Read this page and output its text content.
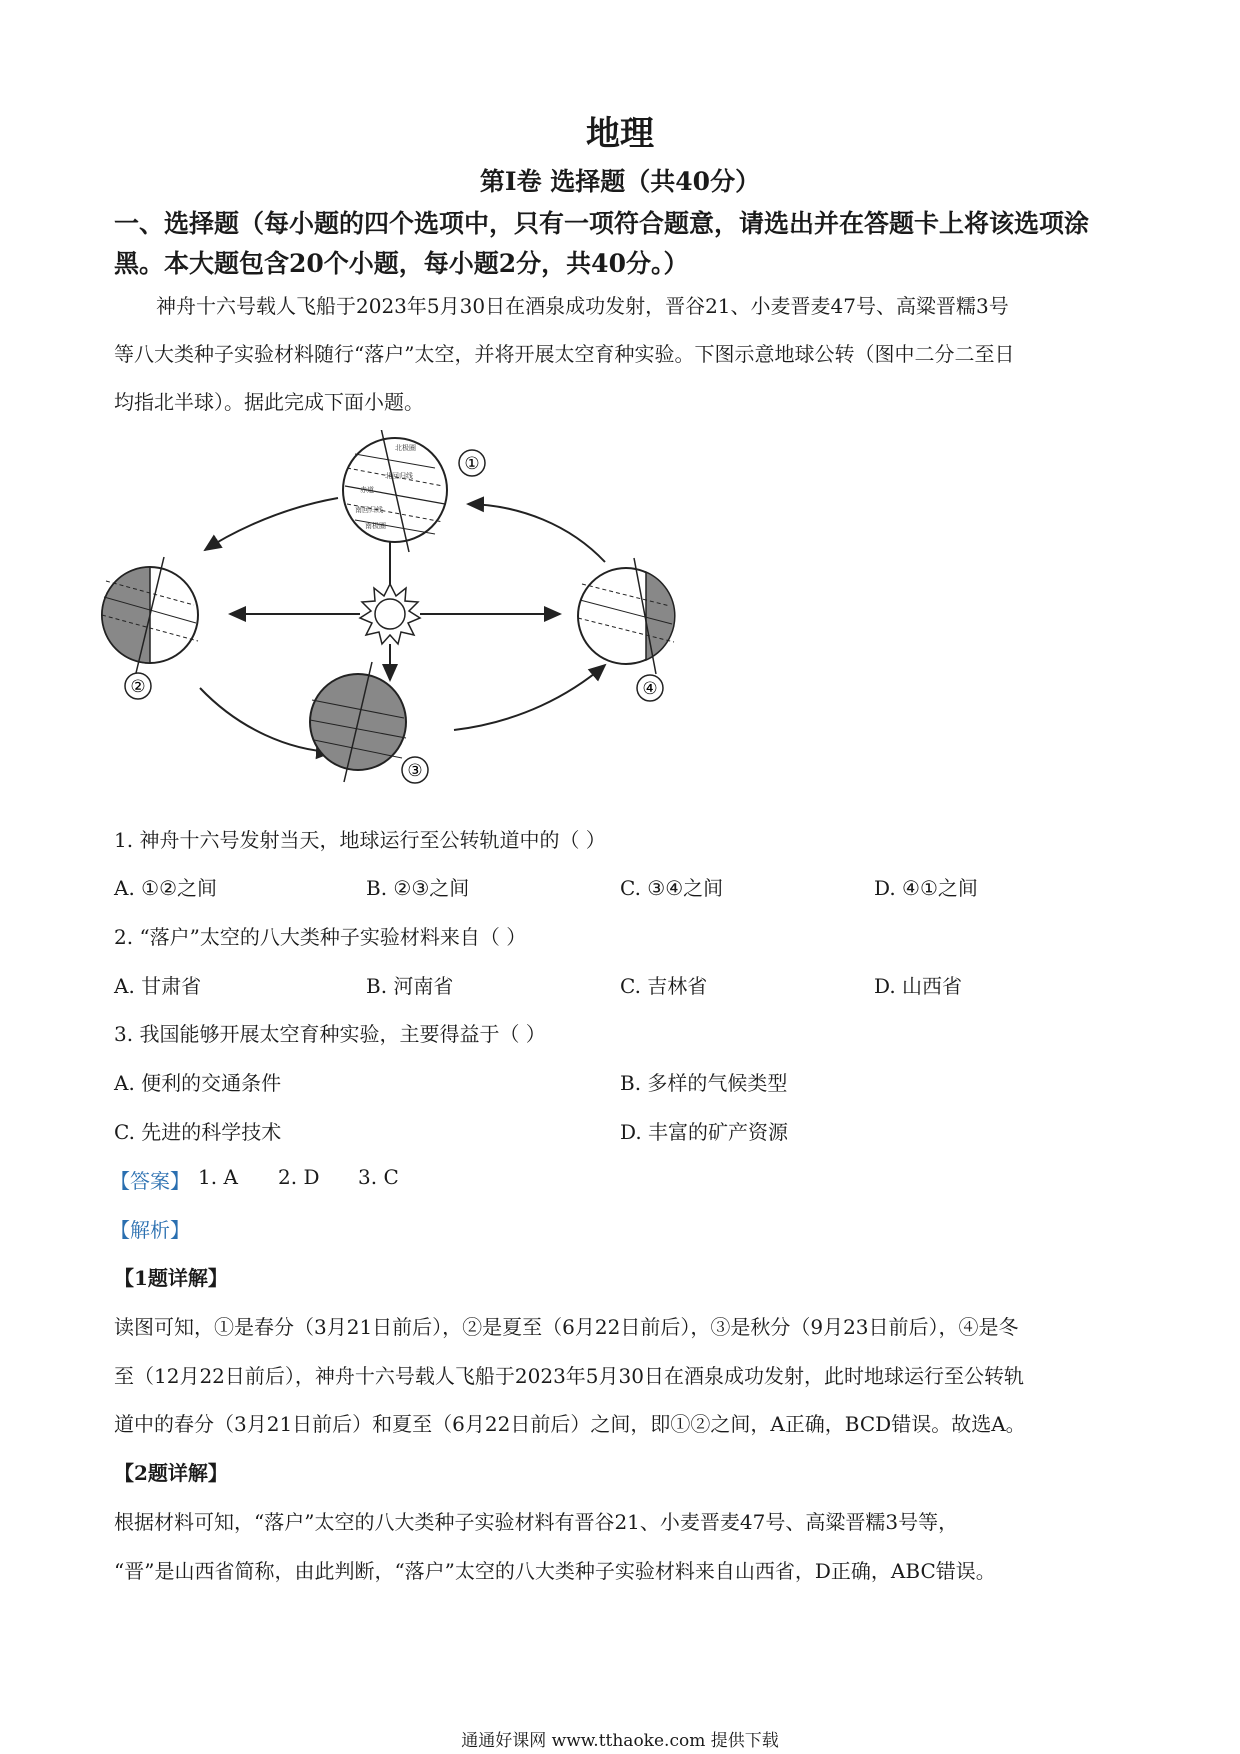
地理
第Ⅰ卷 选择题（共40分）
一、选择题（每小题的四个选项中，只有一项符合题意，请选出并在答题卡上将该选项涂
黑。本大题包含20个小题，每小题2分，共40分。）
神舟十六号载人飞船于2023年5月30日在酒泉成功发射，晋谷21、小麦晋麦47号、高粱晋糯3号
等八大类种子实验材料随行“落户”太空，并将开展太空育种实验。下图示意地球公转（图中二分二至日
均指北半球）。据此完成下面小题。
北极圈
北回归线
赤道
南回归线
南极圈
①
②
③
④
1. 神舟十六号发射当天，地球运行至公转轨道中的（ ）
A. ①②之间	B. ②③之间	C. ③④之间	D. ④①之间
2. “落户”太空的八大类种子实验材料来自（ ）
A. 甘肃省	B. 河南省	C. 吉林省	D. 山西省
3. 我国能够开展太空育种实验，主要得益于（ ）
A. 便利的交通条件	B. 多样的气候类型
C. 先进的科学技术	D. 丰富的矿产资源
【答案】 1. A 2. D 3. C
【解析】
【1题详解】
读图可知，①是春分（3月21日前后），②是夏至（6月22日前后），③是秋分（9月23日前后），④是冬
至（12月22日前后），神舟十六号载人飞船于2023年5月30日在酒泉成功发射，此时地球运行至公转轨
道中的春分（3月21日前后）和夏至（6月22日前后）之间，即①②之间，A正确，BCD错误。故选A。
【2题详解】
根据材料可知，“落户”太空的八大类种子实验材料有晋谷21、小麦晋麦47号、高粱晋糯3号等，
“晋”是山西省简称，由此判断，“落户”太空的八大类种子实验材料来自山西省，D正确，ABC错误。
通通好课网 www.tthaoke.com 提供下载
